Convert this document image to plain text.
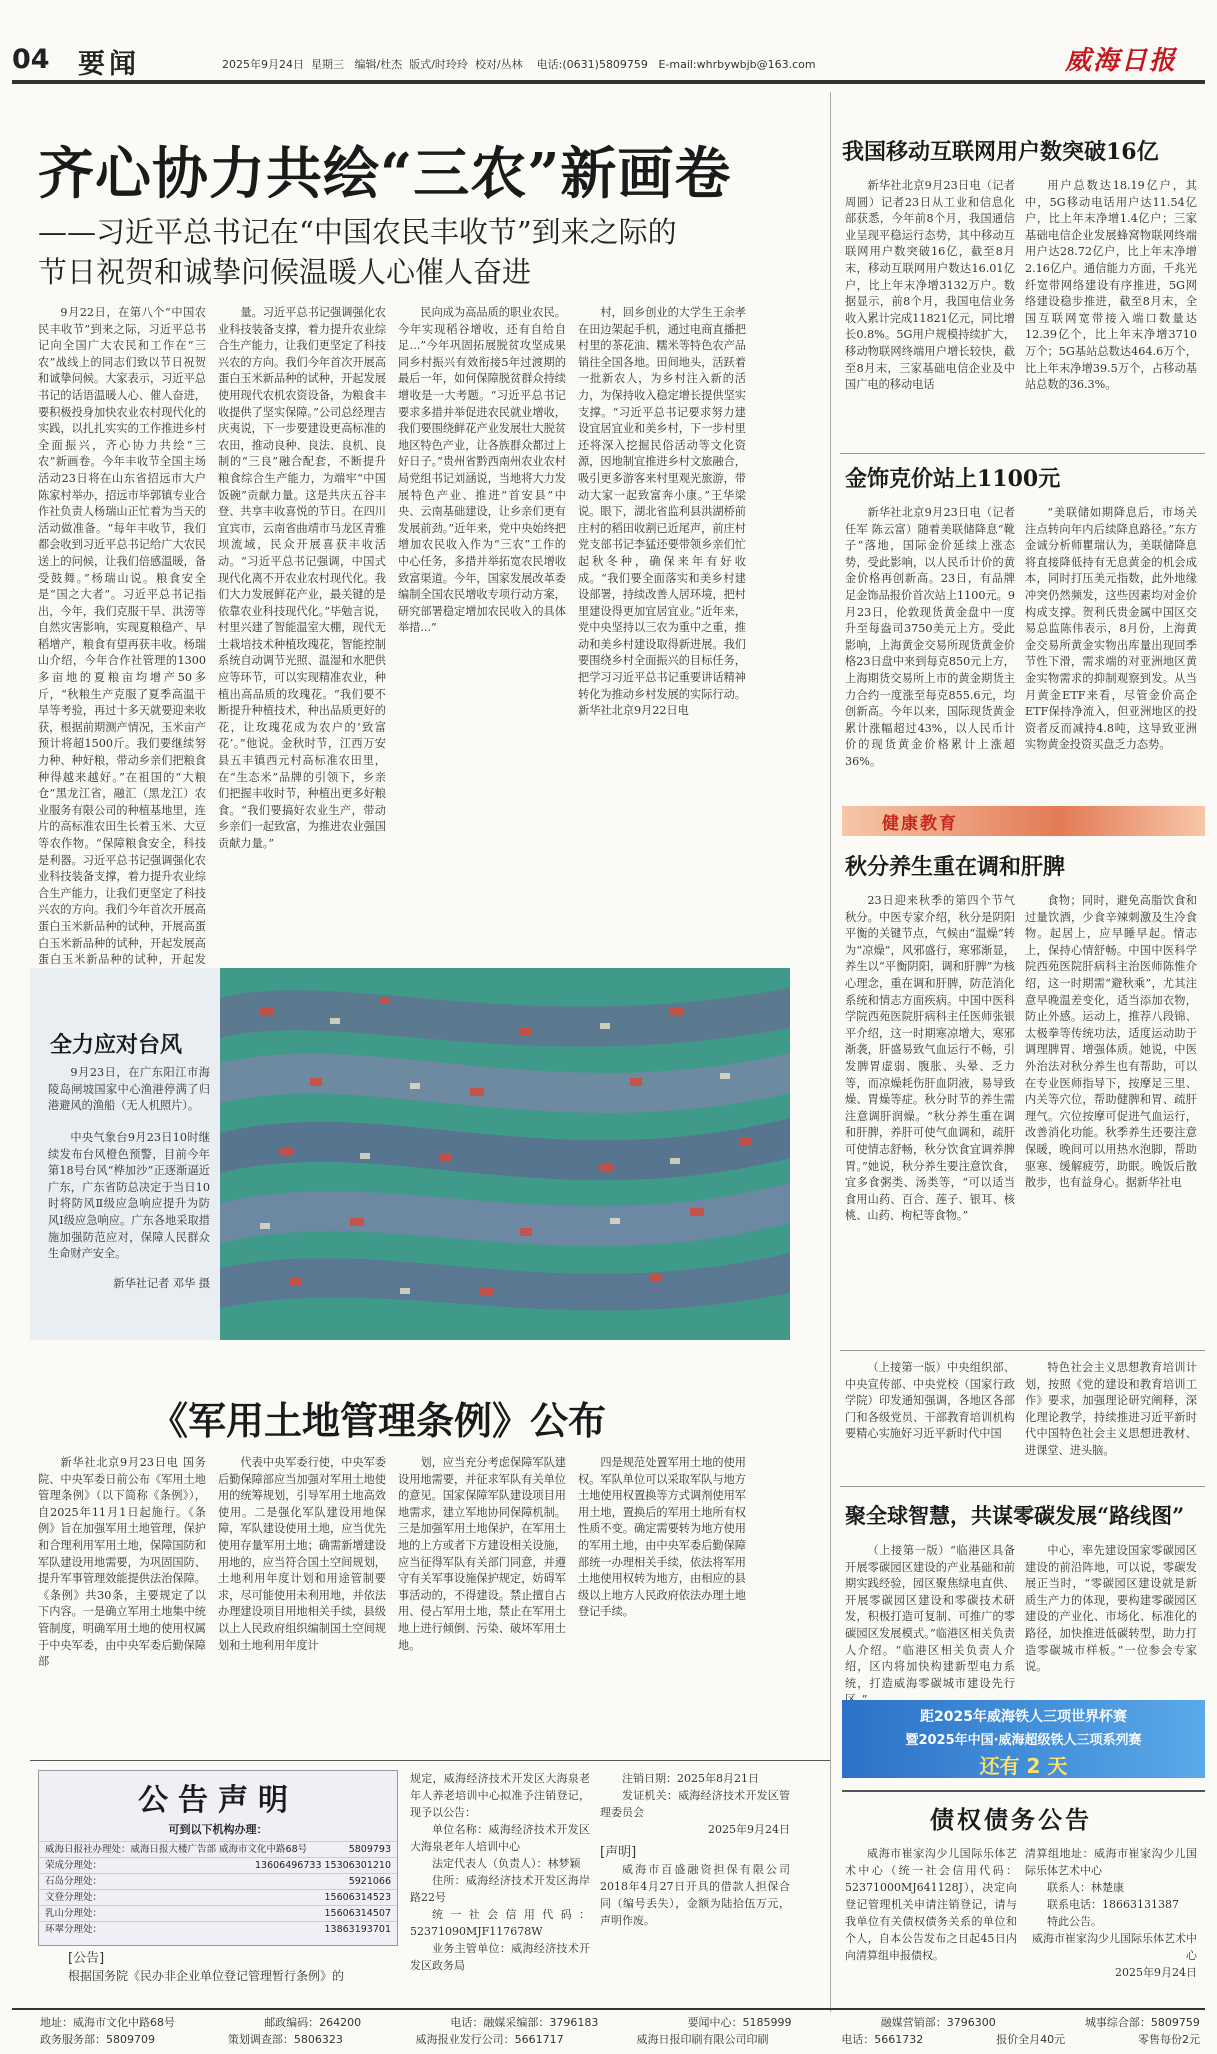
04 要闻	2025年9月24日 星期三 编辑/杜杰 版式/时玲玲 校对/丛林 电话:(0631)5809759 E-mail:whrbywbjb@163.com	威海日报
齐心协力共绘“三农”新画卷
——习近平总书记在“中国农民丰收节”到来之际的
节日祝贺和诚挚问候温暖人心催人奋进

9月22日，在第八个“中国农民丰收节”到来之际，习近平总书记向全国广大农民和工作在“三农”战线上的同志们致以节日祝贺和诚挚问候。大家表示，习近平总书记的话语温暖人心、催人奋进，要积极投身加快农业农村现代化的实践，以扎扎实实的工作推进乡村全面振兴，齐心协力共绘“三农”新画卷。今年丰收节全国主场活动23日将在山东省招远市大户陈家村举办，招远市毕郭镇专业合作社负责人杨瑞山正忙着为当天的活动做准备。“每年丰收节，我们都会收到习近平总书记给广大农民送上的问候，让我们倍感温暖，备受鼓舞。”杨瑞山说。粮食安全是“国之大者”。习近平总书记指出，今年，我们克服干旱、洪涝等自然灾害影响，实现夏粮稳产、早稻增产，粮食有望再获丰收。杨瑞山介绍，今年合作社管理的1300多亩地的夏粮亩均增产50多斤，“秋粮生产克服了夏季高温干旱等考验，再过十多天就要迎来收获，根据前期测产情况，玉米亩产预计将超1500斤。我们要继续努力种、种好粮，带动乡亲们把粮食种得越来越好。”在祖国的“大粮仓”黑龙江省，融汇（黑龙江）农业服务有限公司的种植基地里，连片的高标准农田生长着玉米、大豆等农作物。“保障粮食安全，科技是利器。习近平总书记强调强化农业科技装备支撑，着力提升农业综合生产能力，让我们更坚定了科技兴农的方向。我们今年首次开展高蛋白玉米新品种的试种，开展高蛋白玉米新品种的试种，开起发展高蛋白玉米新品种的试种，开起发

量。习近平总书记强调强化农业科技装备支撑，着力提升农业综合生产能力，让我们更坚定了科技兴农的方向。我们今年首次开展高蛋白玉米新品种的试种，开起发展使用现代农机农资设备，为粮食丰收提供了坚实保障。”公司总经理吉庆夷说，下一步要建设更高标准的农田，推动良种、良法、良机、良制的“三良”融合配套，不断提升粮食综合生产能力，为端牢“中国饭碗”贡献力量。这是共庆五谷丰登、共享丰收喜悦的节日。在四川宜宾市，云南省曲靖市马龙区青雅坝流域，民众开展喜获丰收活动。“习近平总书记强调，中国式现代化离不开农业农村现代化。我们大力发展鲜花产业，最关键的是依靠农业科技现代化。”毕勉言说，村里兴建了智能温室大棚，现代无土栽培技术种植玫瑰花，智能控制系统自动调节光照、温湿和水肥供应等环节，可以实现精准农业，种植出高品质的玫瑰花。“我们要不断提升种植技术，种出品质更好的花，让玫瑰花成为农户的‘致富花’。”他说。金秋时节，江西万安县五丰镇西元村高标准农田里，在“生态米”品牌的引领下，乡亲们把握丰收时节，种植出更多好粮食。“我们要搞好农业生产，带动乡亲们一起致富，为推进农业强国贡献力量。”

民向成为高品质的职业农民。今年实现稻谷增收，还有自给自足...”今年巩固拓展脱贫攻坚成果同乡村振兴有效衔接5年过渡期的最后一年，如何保障脱贫群众持续增收是一大考题。“习近平总书记要求多措并举促进农民就业增收，我们要围绕鲜花产业发展壮大脱贫地区特色产业，让各族群众都过上好日子。”贵州省黔西南州农业农村局党组书记刘涵说，当地将大力发展特色产业、推进“首安县”中央、云南基础建设，让乡亲们更有发展前劲。”近年来，党中央始终把增加农民收入作为“三农”工作的中心任务，多措并举拓宽农民增收致富渠道。今年，国家发展改革委编制全国农民增收专项行动方案，研究部署稳定增加农民收入的具体举措...”

村，回乡创业的大学生王余孝在田边架起手机，通过电商直播把村里的茶花油、糯米等特色农产品销往全国各地。田间地头，活跃着一批新农人，为乡村注入新的活力，为保持收入稳定增长提供坚实支撑。“习近平总书记要求努力建设宜居宜业和美乡村，下一步村里还将深入挖掘民俗活动等文化资源，因地制宜推进乡村文旅融合，吸引更多游客来村里观光旅游，带动大家一起致富奔小康。”王华梁说。眼下，湖北省监利县洪湖桥前庄村的稻田收割已近尾声，前庄村党支部书记李猛还要带领乡亲们忙起秋冬种，确保来年有好收成。“我们要全面落实和美乡村建设部署，持续改善人居环境，把村里建设得更加宜居宜业。”近年来，党中央坚持以三农为重中之重，推动和美乡村建设取得新进展。我们要围绕乡村全面振兴的目标任务，把学习习近平总书记重要讲话精神转化为推动乡村发展的实际行动。新华社北京9月22日电

我国移动互联网用户数突破16亿

新华社北京9月23日电（记者 周圆）记者23日从工业和信息化部获悉，今年前8个月，我国通信业呈现平稳运行态势，其中移动互联网用户数突破16亿，截至8月末，移动互联网用户数达16.01亿户，比上年末净增3132万户。数据显示，前8个月，我国电信业务收入累计完成11821亿元，同比增长0.8%。5G用户规模持续扩大，移动物联网终端用户增长较快，截至8月末，三家基础电信企业及中国广电的移动电话

用户总数达18.19亿户，其中，5G移动电话用户达11.54亿户，比上年末净增1.4亿户；三家基础电信企业发展蜂窝物联网终端用户达28.72亿户，比上年末净增2.16亿户。通信能力方面，千兆光纤宽带网络建设有序推进，5G网络建设稳步推进，截至8月末，全国互联网宽带接入端口数量达12.39亿个，比上年末净增3710万个；5G基站总数达464.6万个，比上年末净增39.5万个，占移动基站总数的36.3%。

金饰克价站上1100元

新华社北京9月23日电（记者 任军 陈云富）随着美联储降息“靴子”落地，国际金价延续上涨态势，受此影响，以人民币计价的黄金价格再创新高。23日，有品牌足金饰品报价首次站上1100元。9月23日，伦敦现货黄金盘中一度升至每盎司3750美元上方。受此影响，上海黄金交易所现货黄金价格23日盘中来到每克850元上方，上海期货交易所上市的黄金期货主力合约一度涨至每克855.6元，均创新高。今年以来，国际现货黄金累计涨幅超过43%，以人民币计价的现货黄金价格累计上涨超36%。

“美联储如期降息后，市场关注点转向年内后续降息路径。”东方金诚分析师瞿瑞认为，美联储降息将直接降低持有无息黄金的机会成本，同时打压美元指数，此外地缘冲突仍然频发，这些因素均对金价构成支撑。贺利氏贵金属中国区交易总监陈伟表示，8月份，上海黄金交易所黄金实物出库量出现回季节性下滑，需求端的对亚洲地区黄金实物需求的抑制观察到发。从当月黄金ETF来看，尽管金价高企ETF保持净流入，但亚洲地区的投资者反而减持4.8吨，这导致亚洲实物黄金投资买盘乏力态势。

健康教育
秋分养生重在调和肝脾

23日迎来秋季的第四个节气秋分。中医专家介绍，秋分是阴阳平衡的关键节点，气候由“温燥”转为“凉燥”，风邪盛行，寒邪渐显，养生以“平衡阴阳，调和肝脾”为核心理念，重在调和肝脾，防范消化系统和情志方面疾病。中国中医科学院西苑医院肝病科主任医师张银平介绍，这一时期寒凉增大，寒邪渐袭，肝盛易致气血运行不畅，引发脾胃虚弱、腹胀、头晕、乏力等，而凉燥耗伤肝血阴液，易导致燥、胃燥等症。秋分时节的养生需注意调肝润燥。“秋分养生重在调和肝脾，养肝可使气血调和，疏肝可使情志舒畅，秋分饮食宜调养脾胃。”她说，秋分养生要注意饮食，宜多食粥类、汤类等，“可以适当食用山药、百合、莲子、银耳、核桃、山药、枸杞等食物。”

食物；同时，避免高脂饮食和过量饮酒，少食辛辣刺激及生冷食物。起居上，应早睡早起。情志上，保持心情舒畅。中国中医科学院西苑医院肝病科主治医师陈惟介绍，这一时期需“避秋乘”，尤其注意早晚温差变化，适当添加衣物，防止外感。运动上，推荐八段锦、太极拳等传统功法，适度运动助于调理脾胃、增强体质。她说，中医外治法对秋分养生也有帮助，可以在专业医师指导下，按摩足三里、内关等穴位，帮助健脾和胃、疏肝理气。穴位按摩可促进气血运行，改善消化功能。秋季养生还要注意保暖，晚间可以用热水泡脚，帮助驱寒、缓解疲劳，助眠。晚饭后散散步，也有益身心。据新华社电

全力应对台风

9月23日，在广东阳江市海陵岛闸坡国家中心渔港停满了归港避风的渔船（无人机照片）。

中央气象台9月23日10时继续发布台风橙色预警，目前今年第18号台风“桦加沙”正逐渐逼近广东，广东省防总决定于当日10时将防风Ⅱ级应急响应提升为防风Ⅰ级应急响应。广东各地采取措施加强防范应对，保障人民群众生命财产安全。

新华社记者 邓华 摄
《军用土地管理条例》公布

新华社北京9月23日电 国务院、中央军委日前公布《军用土地管理条例》（以下简称《条例》），自2025年11月1日起施行。《条例》旨在加强军用土地管理，保护和合理利用军用土地，保障国防和军队建设用地需要，为巩固国防、提升军事管理效能提供法治保障。《条例》共30条，主要规定了以下内容。一是确立军用土地集中统管制度，明确军用土地的使用权属于中央军委，由中央军委后勤保障部

代表中央军委行使，中央军委后勤保障部应当加强对军用土地使用的统筹规划，引导军用土地高效使用。二是强化军队建设用地保障，军队建设使用土地，应当优先使用存量军用土地；确需新增建设用地的，应当符合国土空间规划，土地利用年度计划和用途管制要求，尽可能使用未利用地，并依法办理建设项目用地相关手续，县级以上人民政府组织编制国土空间规划和土地利用年度计

划，应当充分考虑保障军队建设用地需要，并征求军队有关单位的意见。国家保障军队建设项目用地需求，建立军地协同保障机制。三是加强军用土地保护，在军用土地的上方或者下方建设相关设施，应当征得军队有关部门同意，并遵守有关军事设施保护规定，妨碍军事活动的，不得建设。禁止擅自占用、侵占军用土地，禁止在军用土地上进行倾倒、污染、破坏军用土地。

四是规范处置军用土地的使用权。军队单位可以采取军队与地方土地使用权置换等方式调剂使用军用土地，置换后的军用土地所有权性质不变。确定需要转为地方使用的军用土地，由中央军委后勤保障部统一办理相关手续，依法将军用土地使用权转为地方，由相应的县级以上地方人民政府依法办理土地登记手续。

（上接第一版）中央组织部、中央宣传部、中央党校（国家行政学院）印发通知强调，各地区各部门和各级党员、干部教育培训机构要精心实施好习近平新时代中国

特色社会主义思想教育培训计划，按照《党的建设和教育培训工作》要求，加强理论研究阐释，深化理论教学，持续推进习近平新时代中国特色社会主义思想进教材、进课堂、进头脑。

聚全球智慧，共谋零碳发展“路线图”

（上接第一版）“临港区具备开展零碳园区建设的产业基础和前期实践经验，园区聚焦绿电直供、开展零碳园区建设和零碳技术研发，积极打造可复制、可推广的零碳园区发展模式。”临港区相关负责人介绍。“临港区相关负责人介绍，区内将加快构建新型电力系统，打造威海零碳城市建设先行

中心，率先建设国家零碳园区建设的前沿阵地，可以说，零碳发展正当时，“零碳园区建设就是新质生产力的体现，要构建零碳园区建设的产业化、市场化、标准化的路径，加快推进低碳转型，助力打造零碳城市样板。”一位参会专家说。

距2025年威海铁人三项世界杯赛
暨2025年中国·威海超级铁人三项系列赛
还有 2 天
公告声明
可到以下机构办理：
威海日报社办理处：威海日报大楼广告部 威海市文化中路68号	5809793
荣成分理处：	13606496733 15306301210
石岛分理处：	5921066
文登分理处：	15606314523
乳山分理处：	15606314507
环翠分理处：	13863193701
[公告]
根据国务院《民办非企业单位登记管理暂行条例》的
规定，威海经济技术开发区大海泉老年人养老培训中心拟准予注销登记，现予以公告：
单位名称：威海经济技术开发区大海泉老年人培训中心
法定代表人（负责人）：林梦颖
住所：威海经济技术开发区海岸路22号
统一社会信用代码：52371090MJF117678W
业务主管单位：威海经济技术开发区政务局
注销日期：2025年8月21日
发证机关：威海经济技术开发区管理委员会
2025年9月24日
[声明]
威海市百盛融资担保有限公司2018年4月27日开具的借款人担保合同（编号丢失），金额为陆拾伍万元，声明作废。
债权债务公告

威海市崔家沟少儿国际乐体艺术中心（统一社会信用代码：52371000MJ641128J），决定向登记管理机关申请注销登记，请与我单位有关债权债务关系的单位和个人，自本公告发布之日起45日内向清算组申报债权。

清算组地址：威海市崔家沟少儿国际乐体艺术中心
联系人：林楚康
联系电话：18663131387
特此公告。
威海市崔家沟少儿国际乐体艺术中心
2025年9月24日
地址：威海市文化中路68号	邮政编码：264200	电话：融媒采编部：3796183	要闻中心：5185999	融媒营销部：3796300	城事综合部：5809759
政务服务部：5809709	策划调查部：5806323	威海报业发行公司：5661717	威海日报印刷有限公司印刷	电话：5661732	报价全月40元	零售每份2元
